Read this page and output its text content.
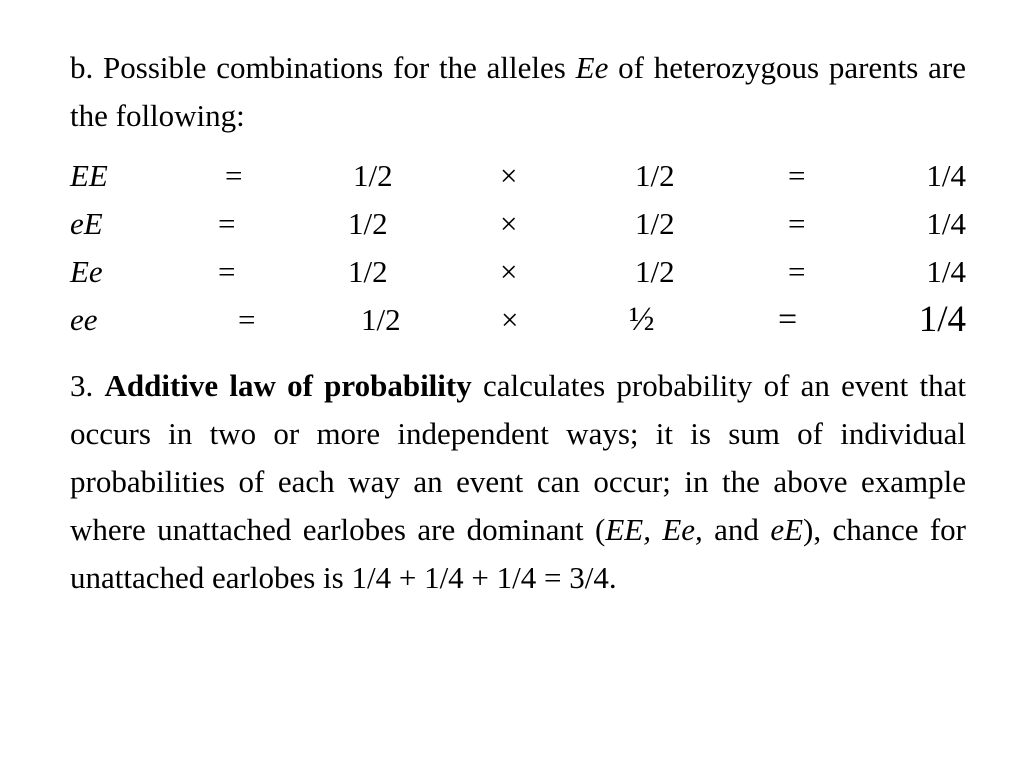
b. Possible combinations for the alleles Ee of heterozygous parents are the following:

EE	=	1/2	×	1/2	=	1/4
eE	=	1/2	×	1/2	=	1/4
Ee	=	1/2	×	1/2	=	1/4
ee	=	1/2	×	½	=	1/4

3. Additive law of probability calculates probability of an event that occurs in two or more independent ways; it is sum of individual probabilities of each way an event can occur; in the above example where unattached earlobes are dominant (EE, Ee, and eE), chance for unattached earlobes is 1/4 + 1/4 + 1/4 = 3/4.
